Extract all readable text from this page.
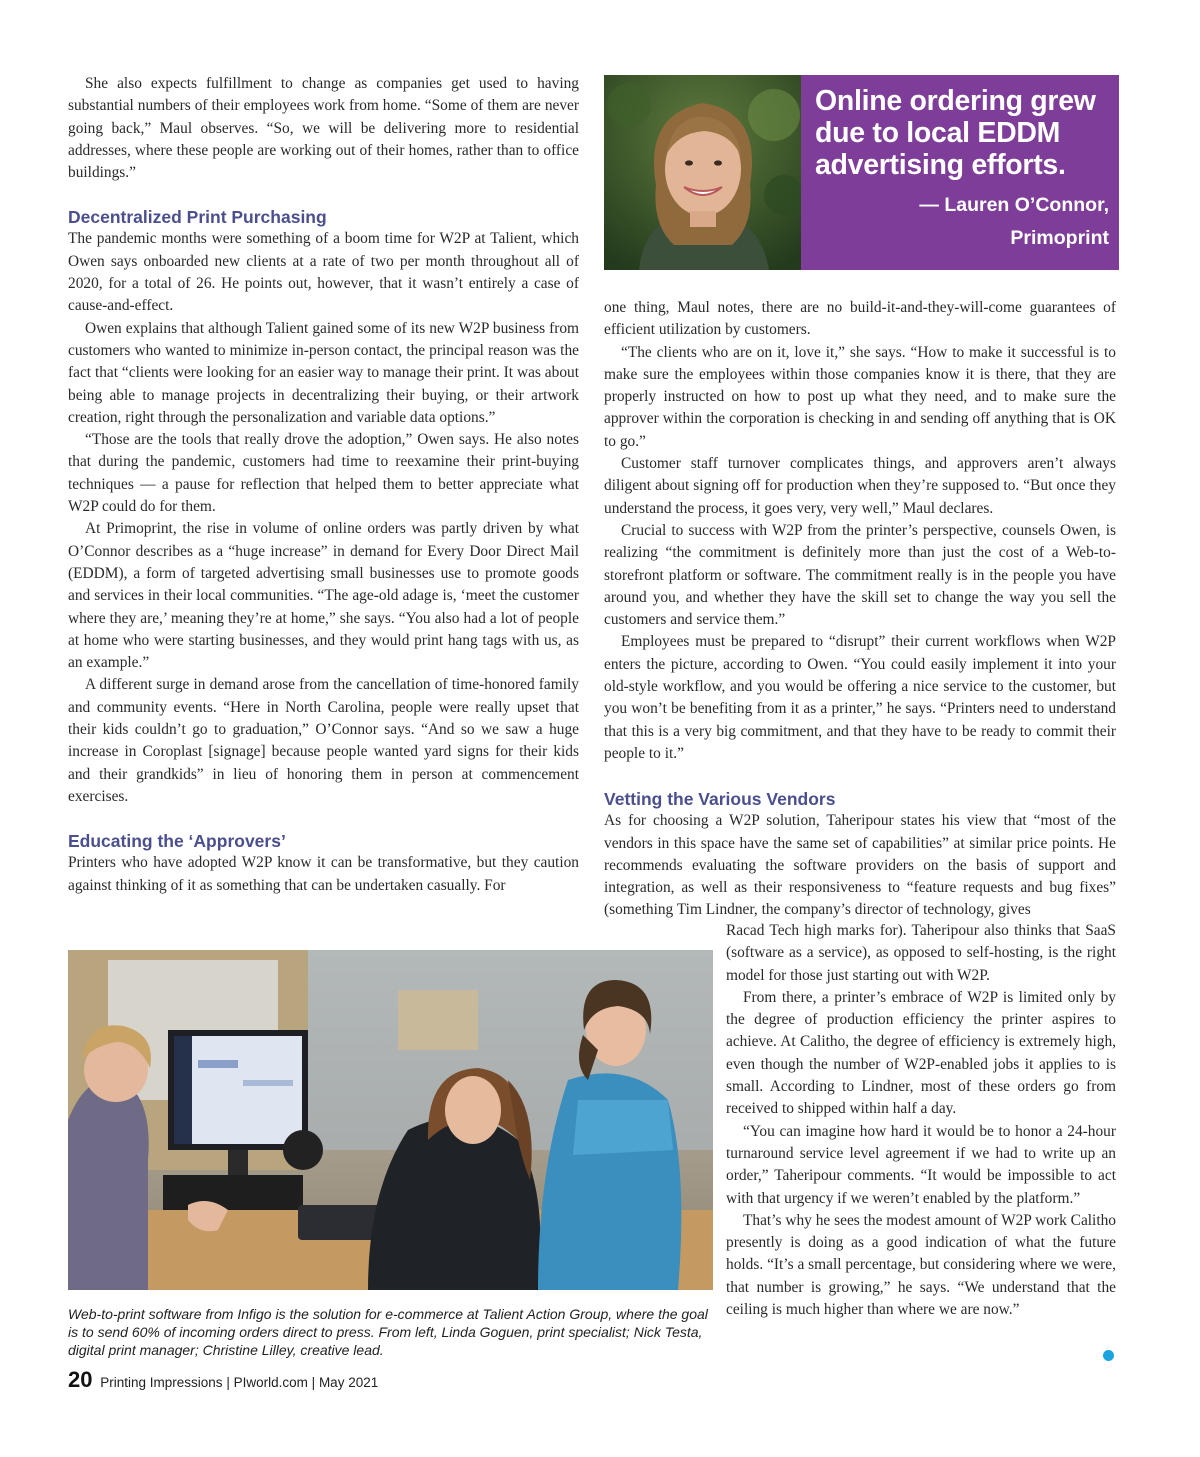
She also expects fulfillment to change as companies get used to having substantial numbers of their employees work from home. “Some of them are never going back,” Maul observes. “So, we will be delivering more to residential addresses, where these people are working out of their homes, rather than to office buildings.”

Decentralized Print Purchasing

The pandemic months were something of a boom time for W2P at Talient, which Owen says onboarded new clients at a rate of two per month throughout all of 2020, for a total of 26. He points out, however, that it wasn’t entirely a case of cause-and-effect.

Owen explains that although Talient gained some of its new W2P business from customers who wanted to minimize in-person contact, the principal reason was the fact that “clients were looking for an easier way to manage their print. It was about being able to manage projects in decentralizing their buying, or their artwork creation, right through the personalization and variable data options.”

“Those are the tools that really drove the adoption,” Owen says. He also notes that during the pandemic, customers had time to reexamine their print-buying techniques — a pause for reflection that helped them to better appreciate what W2P could do for them.

At Primoprint, the rise in volume of online orders was partly driven by what O’Connor describes as a “huge increase” in demand for Every Door Direct Mail (EDDM), a form of targeted advertising small businesses use to promote goods and services in their local communities. “The age-old adage is, ‘meet the customer where they are,’ meaning they’re at home,” she says. “You also had a lot of people at home who were starting businesses, and they would print hang tags with us, as an example.”

A different surge in demand arose from the cancellation of time-honored family and community events. “Here in North Carolina, people were really upset that their kids couldn’t go to graduation,” O’Connor says. “And so we saw a huge increase in Coroplast [signage] because people wanted yard signs for their kids and their grandkids” in lieu of honoring them in person at commencement exercises.

Educating the ‘Approvers’

Printers who have adopted W2P know it can be transformative, but they caution against thinking of it as something that can be undertaken casually. For

Online ordering grew due to local EDDM advertising efforts.
— Lauren O’Connor,
Primoprint

one thing, Maul notes, there are no build-it-and-they-will-come guarantees of efficient utilization by customers.

“The clients who are on it, love it,” she says. “How to make it successful is to make sure the employees within those companies know it is there, that they are properly instructed on how to post up what they need, and to make sure the approver within the corporation is checking in and sending off anything that is OK to go.”

Customer staff turnover complicates things, and approvers aren’t always diligent about signing off for production when they’re supposed to. “But once they understand the process, it goes very, very well,” Maul declares.

Crucial to success with W2P from the printer’s perspective, counsels Owen, is realizing “the commitment is definitely more than just the cost of a Web-to-storefront platform or software. The commitment really is in the people you have around you, and whether they have the skill set to change the way you sell the customers and service them.”

Employees must be prepared to “disrupt” their current workflows when W2P enters the picture, according to Owen. “You could easily implement it into your old-style workflow, and you would be offering a nice service to the customer, but you won’t be benefiting from it as a printer,” he says. “Printers need to understand that this is a very big commitment, and that they have to be ready to commit their people to it.”

Vetting the Various Vendors

As for choosing a W2P solution, Taheripour states his view that “most of the vendors in this space have the same set of capabilities” at similar price points. He recommends evaluating the software providers on the basis of support and integration, as well as their responsiveness to “feature requests and bug fixes” (something Tim Lindner, the company’s director of technology, gives

Racad Tech high marks for). Taheripour also thinks that SaaS (software as a service), as opposed to self-hosting, is the right model for those just starting out with W2P.

From there, a printer’s embrace of W2P is limited only by the degree of production efficiency the printer aspires to achieve. At Calitho, the degree of efficiency is extremely high, even though the number of W2P-enabled jobs it applies to is small. According to Lindner, most of these orders go from received to shipped within half a day.

“You can imagine how hard it would be to honor a 24-hour turnaround service level agreement if we had to write up an order,” Taheripour comments. “It would be impossible to act with that urgency if we weren’t enabled by the platform.”

That’s why he sees the modest amount of W2P work Calitho presently is doing as a good indication of what the future holds. “It’s a small percentage, but considering where we were, that number is growing,” he says. “We understand that the ceiling is much higher than where we are now.”

Web-to-print software from Infigo is the solution for e-commerce at Talient Action Group, where the goal is to send 60% of incoming orders direct to press. From left, Linda Goguen, print specialist; Nick Testa, digital print manager; Christine Lilley, creative lead.
20 Printing Impressions | PIworld.com | May 2021
